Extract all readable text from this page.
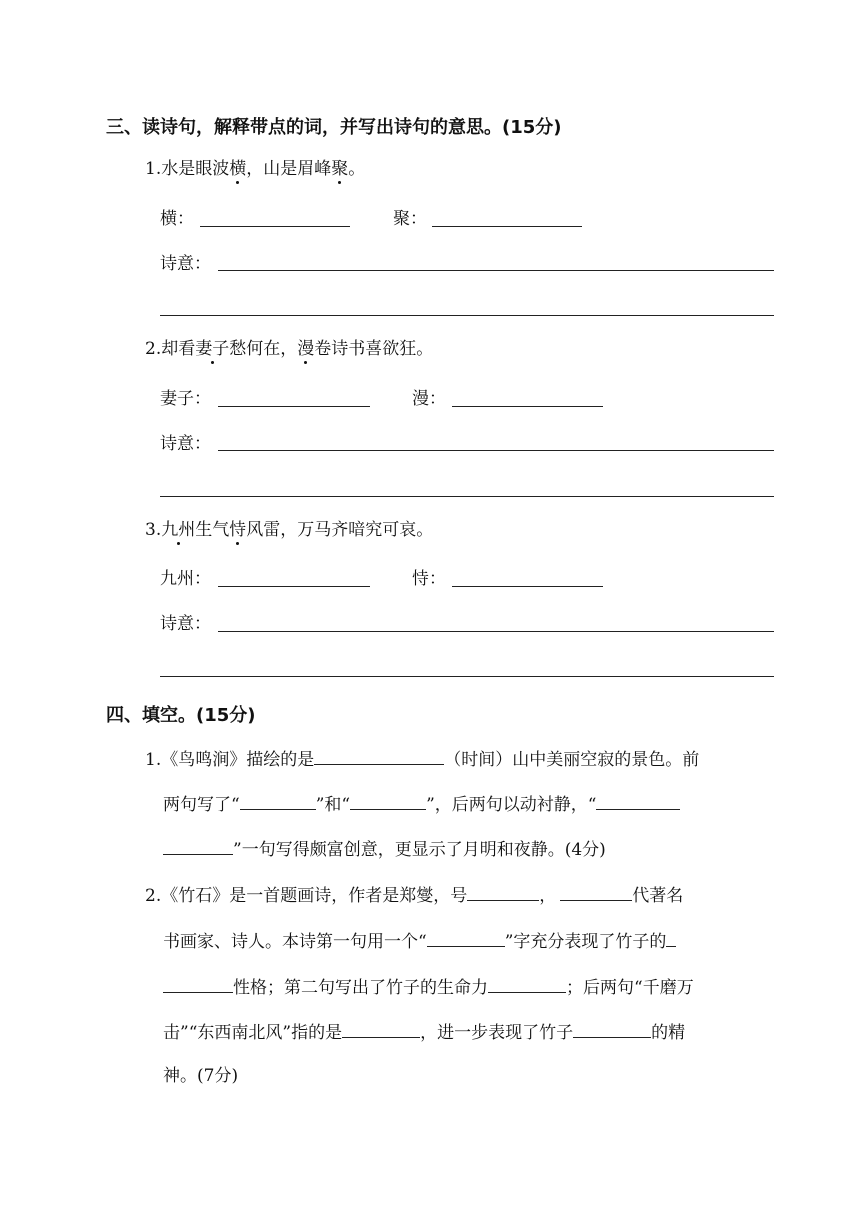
三、读诗句，解释带点的词，并写出诗句的意思。(15分)
1.水是眼波横，山是眉峰聚。
横：	聚：
诗意：
2.却看妻子愁何在，漫卷诗书喜欲狂。
妻子：	漫：
诗意：
3.九州生气恃风雷，万马齐喑究可哀。
九州：	恃：
诗意：
四、填空。(15分)
1.《鸟鸣涧》描绘的是	（时间）山中美丽空寂的景色。前
两句写了“	”和“	”，后两句以动衬静，“
”一句写得颇富创意，更显示了月明和夜静。(4分)
2.《竹石》是一首题画诗，作者是郑燮，号	，	代著名
书画家、诗人。本诗第一句用一个“	”字充分表现了竹子的
性格；第二句写出了竹子的生命力	；后两句“千磨万
击”“东西南北风”指的是	，进一步表现了竹子	的精
神。(7分)
